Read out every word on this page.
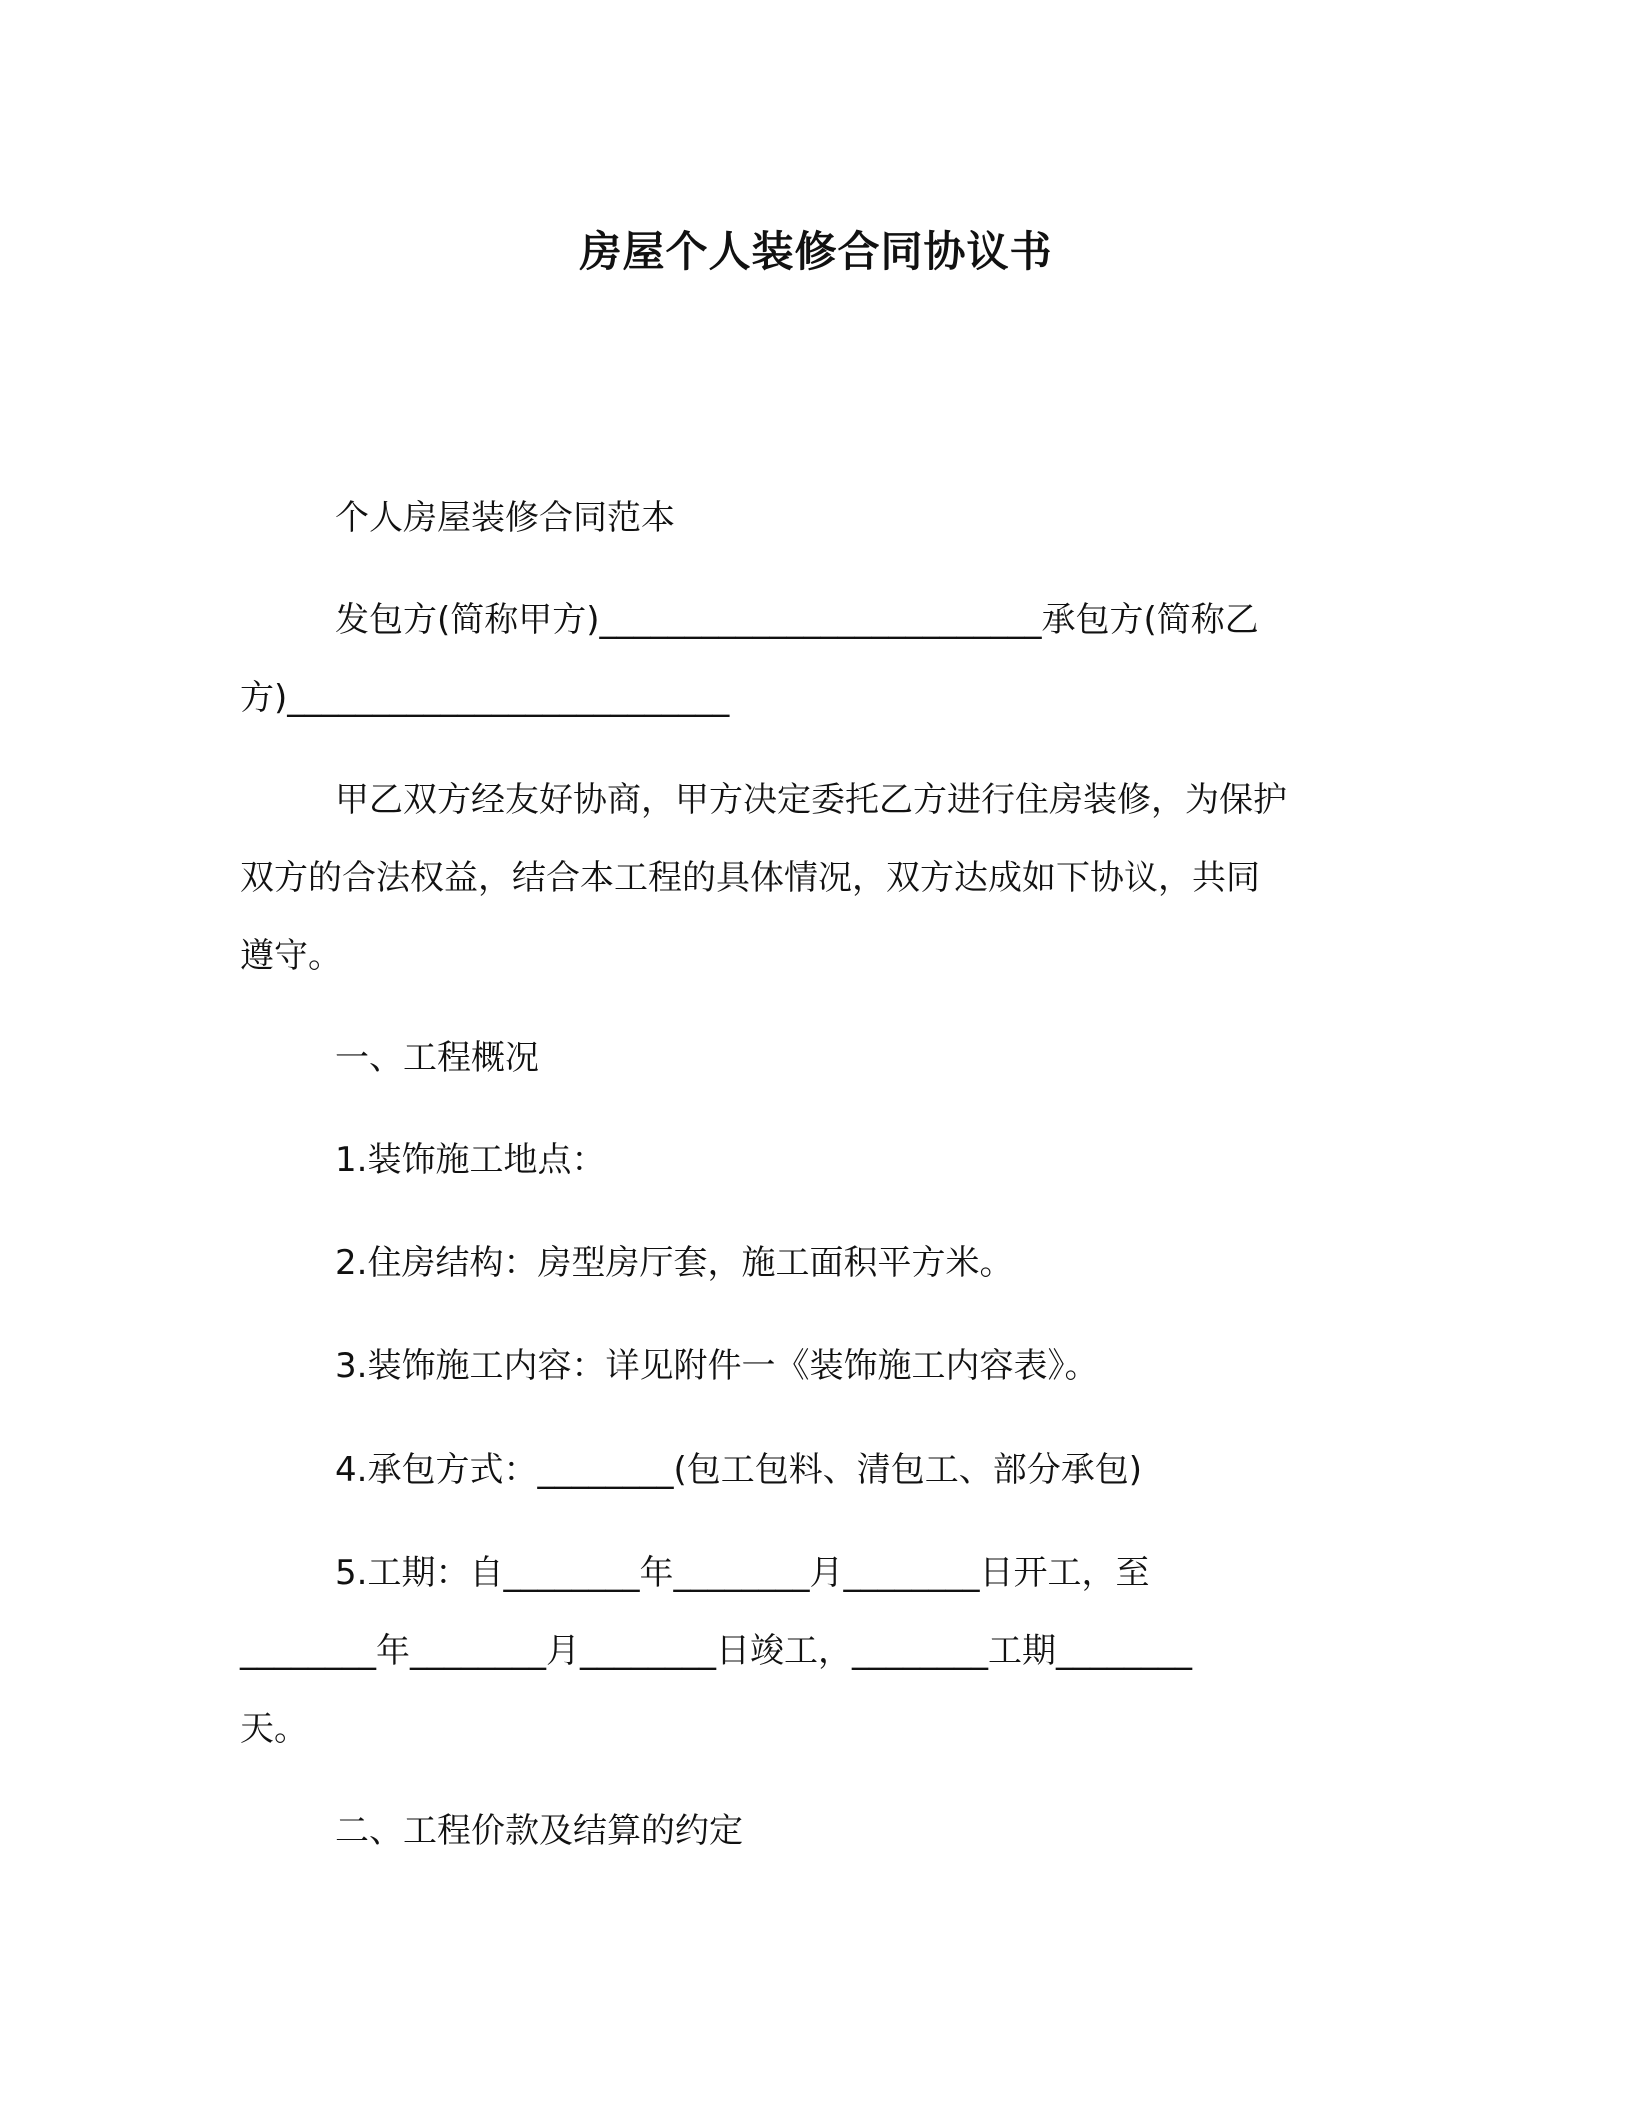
房屋个人装修合同协议书

个人房屋装修合同范本

发包方(简称甲方)__________________________承包方(简称乙
方)__________________________
甲乙双方经友好协商，甲方决定委托乙方进行住房装修，为保护
双方的合法权益，结合本工程的具体情况，双方达成如下协议，共同
遵守。

一、工程概况

1.装饰施工地点：

2.住房结构：房型房厅套，施工面积平方米。

3.装饰施工内容：详见附件一《装饰施工内容表》。

4.承包方式：________(包工包料、清包工、部分承包)

5.工期：自________年________月________日开工，至
________年________月________日竣工，________工期________
天。

二、工程价款及结算的约定
